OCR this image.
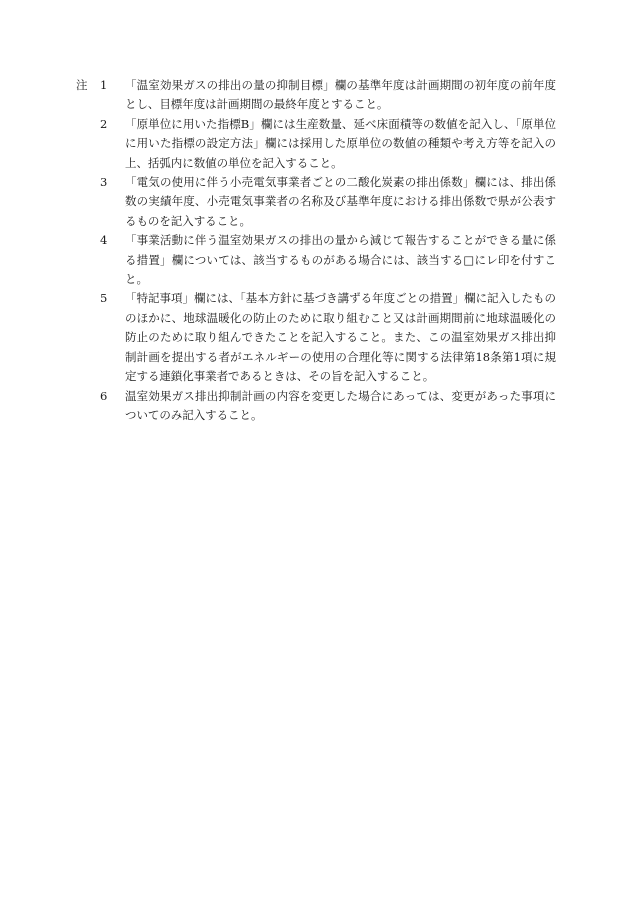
注 1	「温室効果ガスの排出の量の抑制目標」欄の基準年度は計画期間の初年度の前年度とし、目標年度は計画期間の最終年度とすること。
2	「原単位に用いた指標B」欄には生産数量、延べ床面積等の数値を記入し、「原単位に用いた指標の設定方法」欄には採用した原単位の数値の種類や考え方等を記入の上、括弧内に数値の単位を記入すること。
3	「電気の使用に伴う小売電気事業者ごとの二酸化炭素の排出係数」欄には、排出係数の実績年度、小売電気事業者の名称及び基準年度における排出係数で県が公表するものを記入すること。
4	「事業活動に伴う温室効果ガスの排出の量から減じて報告することができる量に係る措置」欄については、該当するものがある場合には、該当する□にレ印を付すこと。
5	「特記事項」欄には、「基本方針に基づき講ずる年度ごとの措置」欄に記入したもののほかに、地球温暖化の防止のために取り組むこと又は計画期間前に地球温暖化の防止のために取り組んできたことを記入すること。また、この温室効果ガス排出抑制計画を提出する者がエネルギーの使用の合理化等に関する法律第18条第1項に規定する連鎖化事業者であるときは、その旨を記入すること。
6	温室効果ガス排出抑制計画の内容を変更した場合にあっては、変更があった事項についてのみ記入すること。
